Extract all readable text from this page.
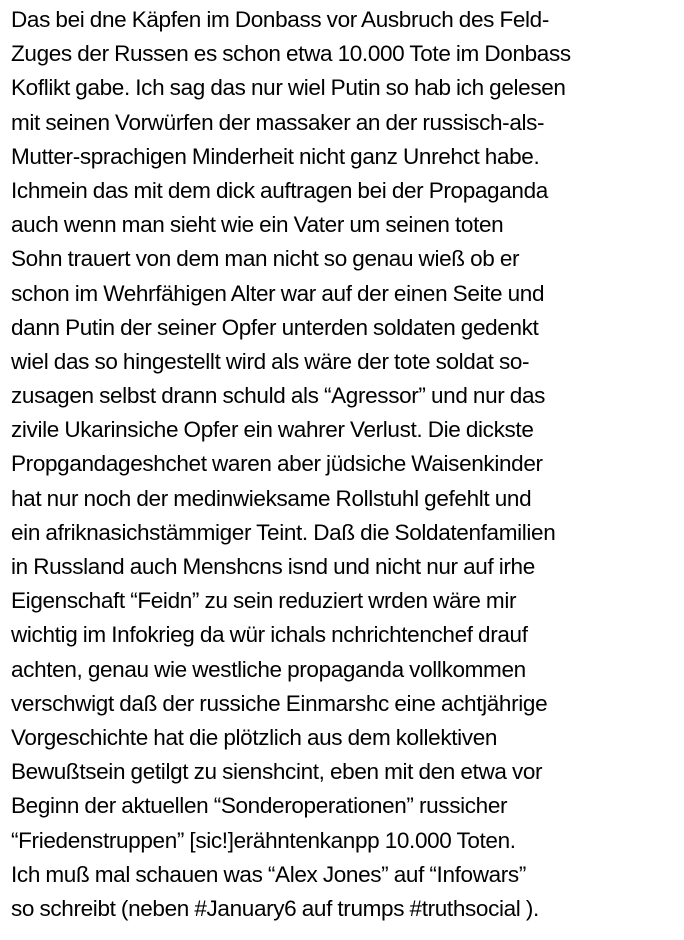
Das bei dne Käpfen im Donbass vor Ausbruch des Feld-
Zuges der Russen es schon etwa 10.000 Tote im Donbass
Koflikt gabe. Ich sag das nur wiel Putin so hab ich gelesen
mit seinen Vorwürfen der massaker an der russisch-als-
Mutter-sprachigen Minderheit nicht ganz Unrehct habe.
Ichmein das mit dem dick auftragen bei der Propaganda
auch wenn man sieht wie ein Vater um seinen toten
Sohn trauert von dem man nicht so genau wieß ob er
schon im Wehrfähigen Alter war auf der einen Seite und
dann Putin der seiner Opfer unterden soldaten gedenkt
wiel das so hingestellt wird als wäre der tote soldat so-
zusagen selbst drann schuld als “Agressor” und nur das
zivile Ukarinsiche Opfer ein wahrer Verlust. Die dickste
Propgandageshchet waren aber jüdsiche Waisenkinder
hat nur noch der medinwieksame Rollstuhl gefehlt und
ein afriknasichstämmiger Teint. Daß die Soldatenfamilien
in Russland auch Menshcns isnd und nicht nur auf irhe
Eigenschaft “Feidn” zu sein reduziert wrden wäre mir
wichtig im Infokrieg da wür ichals nchrichtenchef drauf
achten, genau wie westliche propaganda vollkommen
verschwigt daß der russiche Einmarshc eine achtjährige
Vorgeschichte hat die plötzlich aus dem kollektiven
Bewußtsein getilgt zu sienshcint, eben mit den etwa vor
Beginn der aktuellen “Sonderoperationen” russicher
“Friedenstruppen” [sic!]erähntenkanpp 10.000 Toten.
Ich muß mal schauen was “Alex Jones” auf “Infowars”
so schreibt (neben #January6 auf trumps #truthsocial ).
